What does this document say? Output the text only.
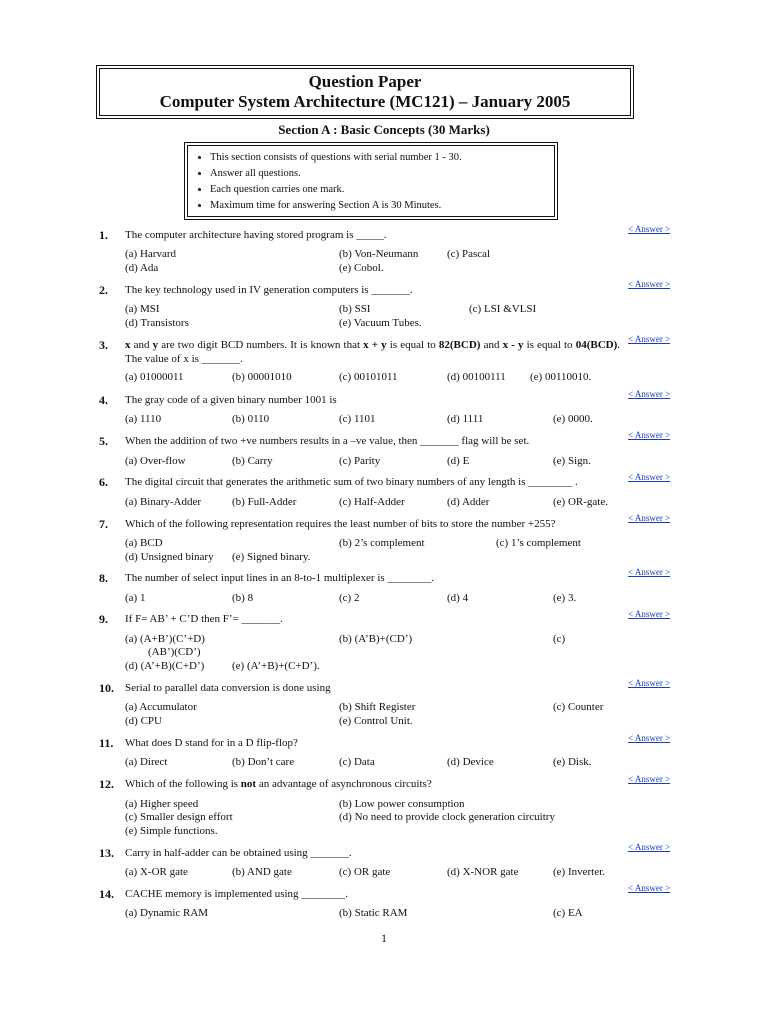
Question Paper
Computer System Architecture (MC121) – January 2005
Section A : Basic Concepts (30 Marks)
• This section consists of questions with serial number 1 - 30.
• Answer all questions.
• Each question carries one mark.
• Maximum time for answering Section A is 30 Minutes.
1. The computer architecture having stored program is _____.	< Answer >
(a) Harvard	(b) Von-Neumann	(c) Pascal
(d) Ada	(e) Cobol.
2. The key technology used in IV generation computers is _______.	< Answer >
(a) MSI	(b) SSI	(c) LSI &VLSI
(d) Transistors	(e) Vacuum Tubes.
3. x and y are two digit BCD numbers. It is known that x + y is equal to 82(BCD) and x - y is equal to 04(BCD). The value of x is _______.
< Answer >
(a) 01000011	(b) 00001010	(c) 00101011	(d) 00100111 (e) 00110010.
4. The gray code of a given binary number 1001 is	< Answer >
(a) 1110	(b) 0110	(c) 1101	(d) 1111	(e) 0000.
5. When the addition of two +ve numbers results in a –ve value, then _______ flag will be set.	< Answer >
(a) Over-flow	(b) Carry	(c) Parity	(d) E	(e) Sign.
6. The digital circuit that generates the arithmetic sum of two binary numbers of any length is ________ .	< Answer >
(a) Binary-Adder	(b) Full-Adder	(c) Half-Adder	(d) Adder	(e) OR-gate.
7. Which of the following representation requires the least number of bits to store the number +255?	< Answer >
(a) BCD	(b) 2’s complement	(c) 1’s complement
(d) Unsigned binary (e) Signed binary.
8. The number of select input lines in an 8-to-1 multiplexer is ________.	< Answer >
(a) 1	(b) 8	(c) 2	(d) 4	(e) 3.
9. If F= AB’ + C’D then F’= _______.	< Answer >
(a) (A+B’)(C’+D)	(b) (A’B)+(CD’)	(c)
(AB’)(CD’)
(d) (A’+B)(C+D’)	(e) (A’+B)+(C+D’).
10. Serial to parallel data conversion is done using	< Answer >
(a) Accumulator	(b) Shift Register	(c) Counter
(d) CPU	(e) Control Unit.
11. What does D stand for in a D flip-flop?	< Answer >
(a) Direct	(b) Don’t care	(c) Data	(d) Device	(e) Disk.
12. Which of the following is not an advantage of asynchronous circuits?	< Answer >
(a) Higher speed	(b) Low power consumption
(c) Smaller design effort	(d) No need to provide clock generation circuitry
(e) Simple functions.
13. Carry in half-adder can be obtained using _______.	< Answer >
(a) X-OR gate	(b) AND gate	(c) OR gate	(d) X-NOR gate	(e) Inverter.
14. CACHE memory is implemented using ________.	< Answer >
(a) Dynamic RAM	(b) Static RAM	(c) EA
1
